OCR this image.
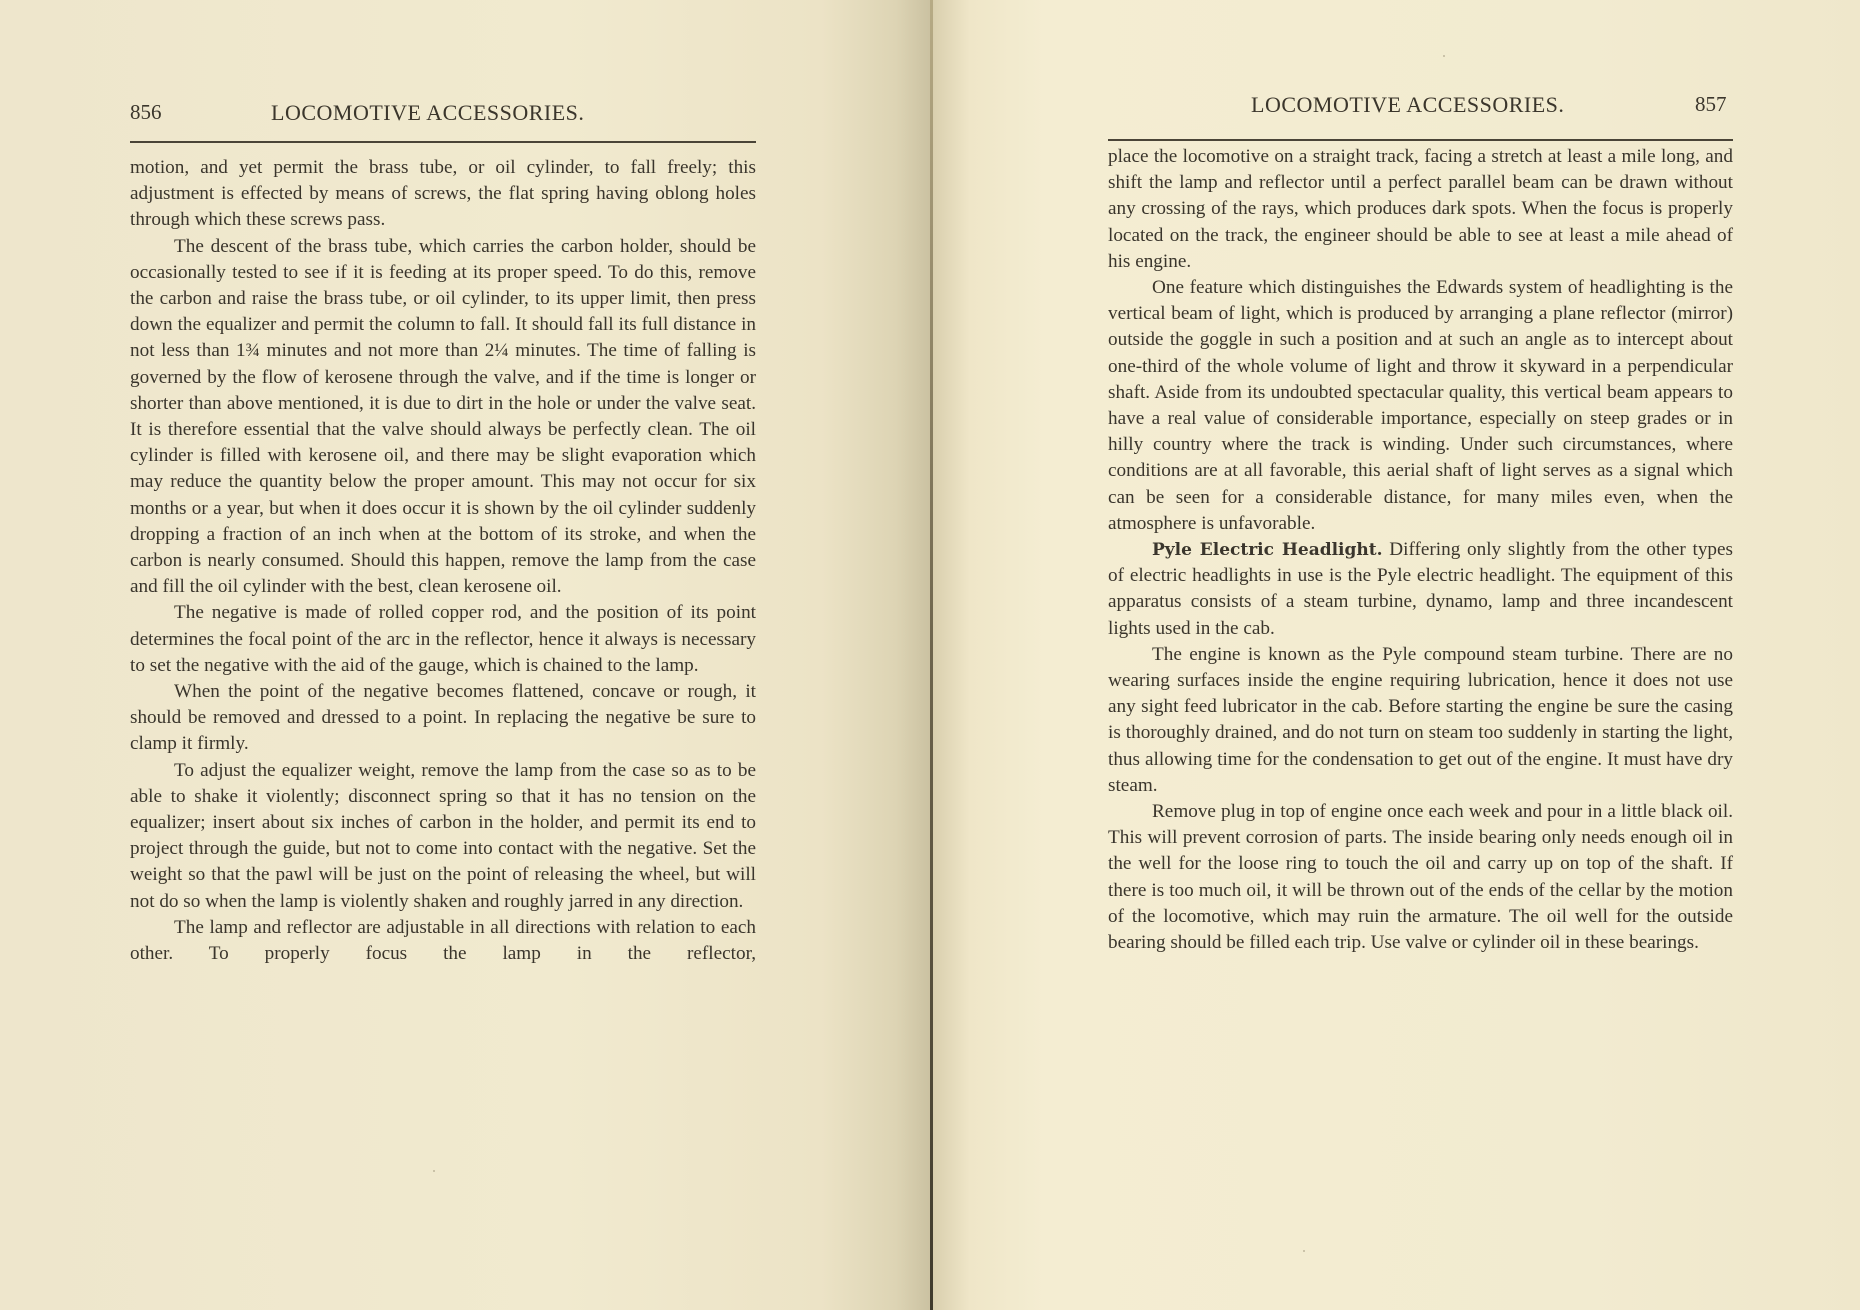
856	LOCOMOTIVE ACCESSORIES.

motion, and yet permit the brass tube, or oil cylinder, to fall freely; this adjustment is effected by means of screws, the flat spring having oblong holes through which these screws pass.

The descent of the brass tube, which carries the carbon holder, should be occasionally tested to see if it is feeding at its proper speed. To do this, remove the carbon and raise the brass tube, or oil cylinder, to its upper limit, then press down the equalizer and permit the column to fall. It should fall its full distance in not less than 1¾ minutes and not more than 2¼ minutes. The time of falling is governed by the flow of kerosene through the valve, and if the time is longer or shorter than above mentioned, it is due to dirt in the hole or under the valve seat. It is therefore essential that the valve should always be perfectly clean. The oil cylinder is filled with kerosene oil, and there may be slight evaporation which may reduce the quantity below the proper amount. This may not occur for six months or a year, but when it does occur it is shown by the oil cylinder suddenly dropping a fraction of an inch when at the bottom of its stroke, and when the carbon is nearly consumed. Should this happen, remove the lamp from the case and fill the oil cylinder with the best, clean kerosene oil.

The negative is made of rolled copper rod, and the position of its point determines the focal point of the arc in the reflector, hence it always is necessary to set the negative with the aid of the gauge, which is chained to the lamp.

When the point of the negative becomes flattened, concave or rough, it should be removed and dressed to a point. In replacing the negative be sure to clamp it firmly.

To adjust the equalizer weight, remove the lamp from the case so as to be able to shake it violently; disconnect spring so that it has no tension on the equalizer; insert about six inches of carbon in the holder, and permit its end to project through the guide, but not to come into contact with the negative. Set the weight so that the pawl will be just on the point of releasing the wheel, but will not do so when the lamp is violently shaken and roughly jarred in any direction.

The lamp and reflector are adjustable in all directions with relation to each other. To properly focus the lamp in the reflector,

LOCOMOTIVE ACCESSORIES.	857

place the locomotive on a straight track, facing a stretch at least a mile long, and shift the lamp and reflector until a perfect parallel beam can be drawn without any crossing of the rays, which produces dark spots. When the focus is properly located on the track, the engineer should be able to see at least a mile ahead of his engine.

One feature which distinguishes the Edwards system of headlighting is the vertical beam of light, which is produced by arranging a plane reflector (mirror) outside the goggle in such a position and at such an angle as to intercept about one-third of the whole volume of light and throw it skyward in a perpendicular shaft. Aside from its undoubted spectacular quality, this vertical beam appears to have a real value of considerable importance, especially on steep grades or in hilly country where the track is winding. Under such circumstances, where conditions are at all favorable, this aerial shaft of light serves as a signal which can be seen for a considerable distance, for many miles even, when the atmosphere is unfavorable.

Pyle Electric Headlight. Differing only slightly from the other types of electric headlights in use is the Pyle electric headlight. The equipment of this apparatus consists of a steam turbine, dynamo, lamp and three incandescent lights used in the cab.

The engine is known as the Pyle compound steam turbine. There are no wearing surfaces inside the engine requiring lubrication, hence it does not use any sight feed lubricator in the cab. Before starting the engine be sure the casing is thoroughly drained, and do not turn on steam too suddenly in starting the light, thus allowing time for the condensation to get out of the engine. It must have dry steam.

Remove plug in top of engine once each week and pour in a little black oil. This will prevent corrosion of parts. The inside bearing only needs enough oil in the well for the loose ring to touch the oil and carry up on top of the shaft. If there is too much oil, it will be thrown out of the ends of the cellar by the motion of the locomotive, which may ruin the armature. The oil well for the outside bearing should be filled each trip. Use valve or cylinder oil in these bearings.
